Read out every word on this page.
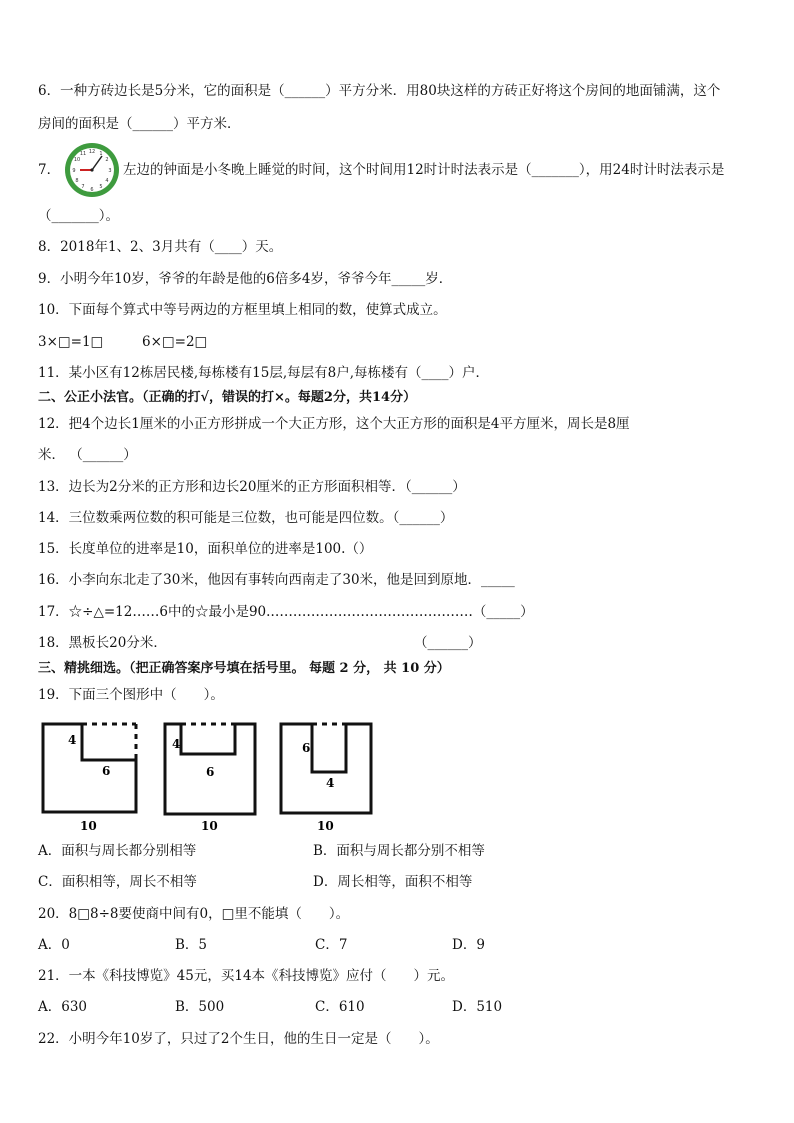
6．一种方砖边长是5分米，它的面积是（______）平方分米．用80块这样的方砖正好将这个房间的地面铺满，这个
房间的面积是（______）平方米．
7．
12 1
2
3
4
5
6
7
8
9
10
11
左边的钟面是小冬晚上睡觉的时间，这个时间用12时计时法表示是（_______），用24时计时法表示是
（_______）。
8．2018年1、2、3月共有（____）天。
9．小明今年10岁，爷爷的年龄是他的6倍多4岁，爷爷今年_____岁．
10．下面每个算式中等号两边的方框里填上相同的数，使算式成立。
3×□=1□	6×□=2□
11．某小区有12栋居民楼,每栋楼有15层,每层有8户,每栋楼有（____）户．
二、公正小法官。（正确的打√，错误的打×。每题2分，共14分）
12．把4个边长1厘米的小正方形拼成一个大正方形，这个大正方形的面积是4平方厘米，周长是8厘
米． （______）
13．边长为2分米的正方形和边长20厘米的正方形面积相等．（______）
14．三位数乘两位数的积可能是三位数，也可能是四位数。（______）
15．长度单位的进率是10，面积单位的进率是100.（）
16．小李向东北走了30米，他因有事转向西南走了30米，他是回到原地．_____
17．☆÷△=12……6中的☆最小是90.………………………………………（_____）
18．黑板长20分米．	（______）
三、精挑细选。（把正确答案序号填在括号里。 每题 2 分， 共 10 分）
19．下面三个图形中（　　）。
4
6
10
4
6
10
6
4
10
A．面积与周长都分别相等	B．面积与周长都分别不相等
C．面积相等，周长不相等	D．周长相等，面积不相等
20．8□8÷8要使商中间有0，□里不能填（　　）。
A．0	B．5	C．7	D．9
21．一本《科技博览》45元，买14本《科技博览》应付（　　）元。
A．630	B．500	C．610	D．510
22．小明今年10岁了，只过了2个生日，他的生日一定是（　　）。
